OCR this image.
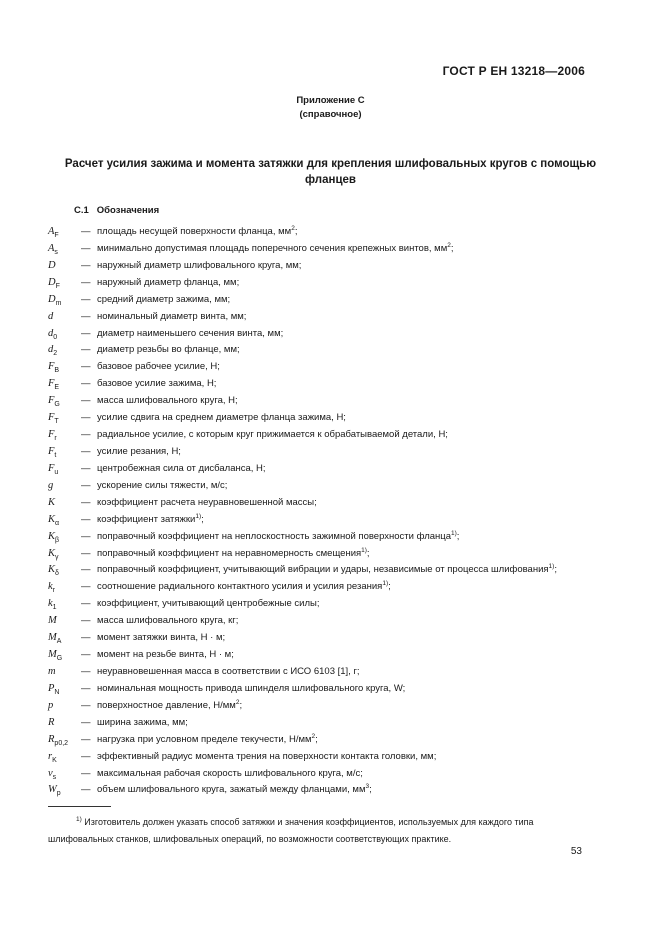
ГОСТ Р ЕН 13218—2006
Приложение C
(справочное)
Расчет усилия зажима и момента затяжки для крепления шлифовальных кругов с помощью фланцев
C.1 Обозначения
$A_F$	— площадь несущей поверхности фланца, $мм^2$;
$A_s$	— минимально допустимая площадь поперечного сечения крепежных винтов, $мм^2$;
D	— наружный диаметр шлифовального круга, мм;
$D_F$	— наружный диаметр фланца, мм;
$D_m$	— средний диаметр зажима, мм;
d	— номинальный диаметр винта, мм;
$d_0$	— диаметр наименьшего сечения винта, мм;
$d_2$	— диаметр резьбы во фланце, мм;
$F_B$	— базовое рабочее усилие, Н;
$F_E$	— базовое усилие зажима, Н;
$F_G$	— масса шлифовального круга, Н;
$F_T$	— усилие сдвига на среднем диаметре фланца зажима, Н;
$F_r$	— радиальное усилие, с которым круг прижимается к обрабатываемой детали, Н;
$F_t$	— усилие резания, Н;
$F_u$	— центробежная сила от дисбаланса, Н;
g	— ускорение силы тяжести, м/с;
K	— коэффициент расчета неуравновешенной массы;
$K_\alpha$	— коэффициент затяжки$^{1)}$;
$K_\beta$	— поправочный коэффициент на неплоскостность зажимной поверхности фланца$^{1)}$;
$K_\gamma$	— поправочный коэффициент на неравномерность смещения$^{1)}$;
$K_\delta$	— поправочный коэффициент, учитывающий вибрации и удары, независимые от процесса шлифования$^{1)}$;
$k_r$	— соотношение радиального контактного усилия и усилия резания$^{1)}$;
$k_1$	— коэффициент, учитывающий центробежные силы;
M	— масса шлифовального круга, кг;
$M_A$	— момент затяжки винта, Н · м;
$M_G$	— момент на резьбе винта, Н · м;
m	— неуравновешенная масса в соответствии с ИСО 6103 [1], г;
$P_N$	— номинальная мощность привода шпинделя шлифовального круга, W;
p	— поверхностное давление, $Н/мм^2$;
R	— ширина зажима, мм;
$R_{p0,2}$	— нагрузка при условном пределе текучести, $Н/мм^2$;
$r_K$	— эффективный радиус момента трения на поверхности контакта головки, мм;
$v_s$	— максимальная рабочая скорость шлифовального круга, м/с;
$W_p$	— объем шлифовального круга, зажатый между фланцами, $мм^3$;
$^{1)}$ Изготовитель должен указать способ затяжки и значения коэффициентов, используемых для каждого типа шлифовальных станков, шлифовальных операций, по возможности соответствующих практике.
53
